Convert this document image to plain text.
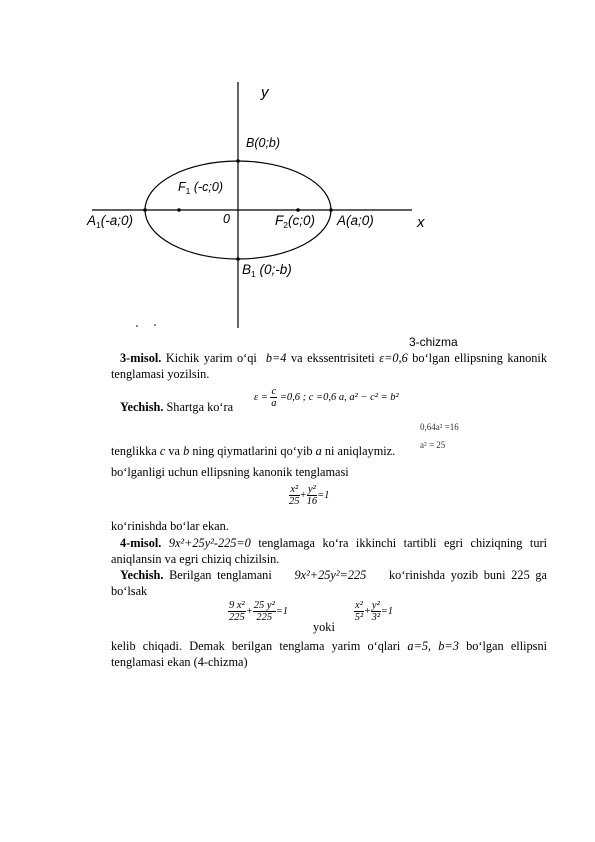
y
B(0;b)
$F_1$ (-c;0)
$A_1(-a;0)$	0	$F_2(c;0)$ A(a;0)	x
$B_1$ (0;-b)
3-chizma
3-misol. Kichik yarim o‘qi b=4 va ekssentrisiteti ε=0,6 bo‘lgan ellipsning kanonik tenglamasi yozilsin.
Yechish. Shartga ko‘ra
$\varepsilon = \frac{c}{a} =0,6$ ; c =0,6 a, a² − c² = b²
0,64a² =16
a² = 25
tenglikka c va b ning qiymatlarini qo‘yib a ni aniqlaymiz.
bo‘lganligi uchun ellipsning kanonik tenglamasi
$\frac{\text{x²}}{25} + \frac{\text{y²}}{16} =1$
ko‘rinishda bo‘lar ekan.
4-misol. 9x²+25y²-225=0 tenglamaga ko‘ra ikkinchi tartibli egri chiziqning turi aniqlansin va egri chiziq chizilsin.
Yechish. Berilgan tenglamani 9x²+25y²=225 ko‘rinishda yozib buni 225 ga bo‘lsak
$\frac{\text{9 x²}}{225} + \frac{\text{25 y²}}{225} =1$
yoki
$\frac{\text{x²}}{\text{5²}} + \frac{\text{y²}}{\text{3²}} =1$
kelib chiqadi. Demak berilgan tenglama yarim o‘qlari a=5, b=3 bo‘lgan ellipsni tenglamasi ekan (4-chizma)
